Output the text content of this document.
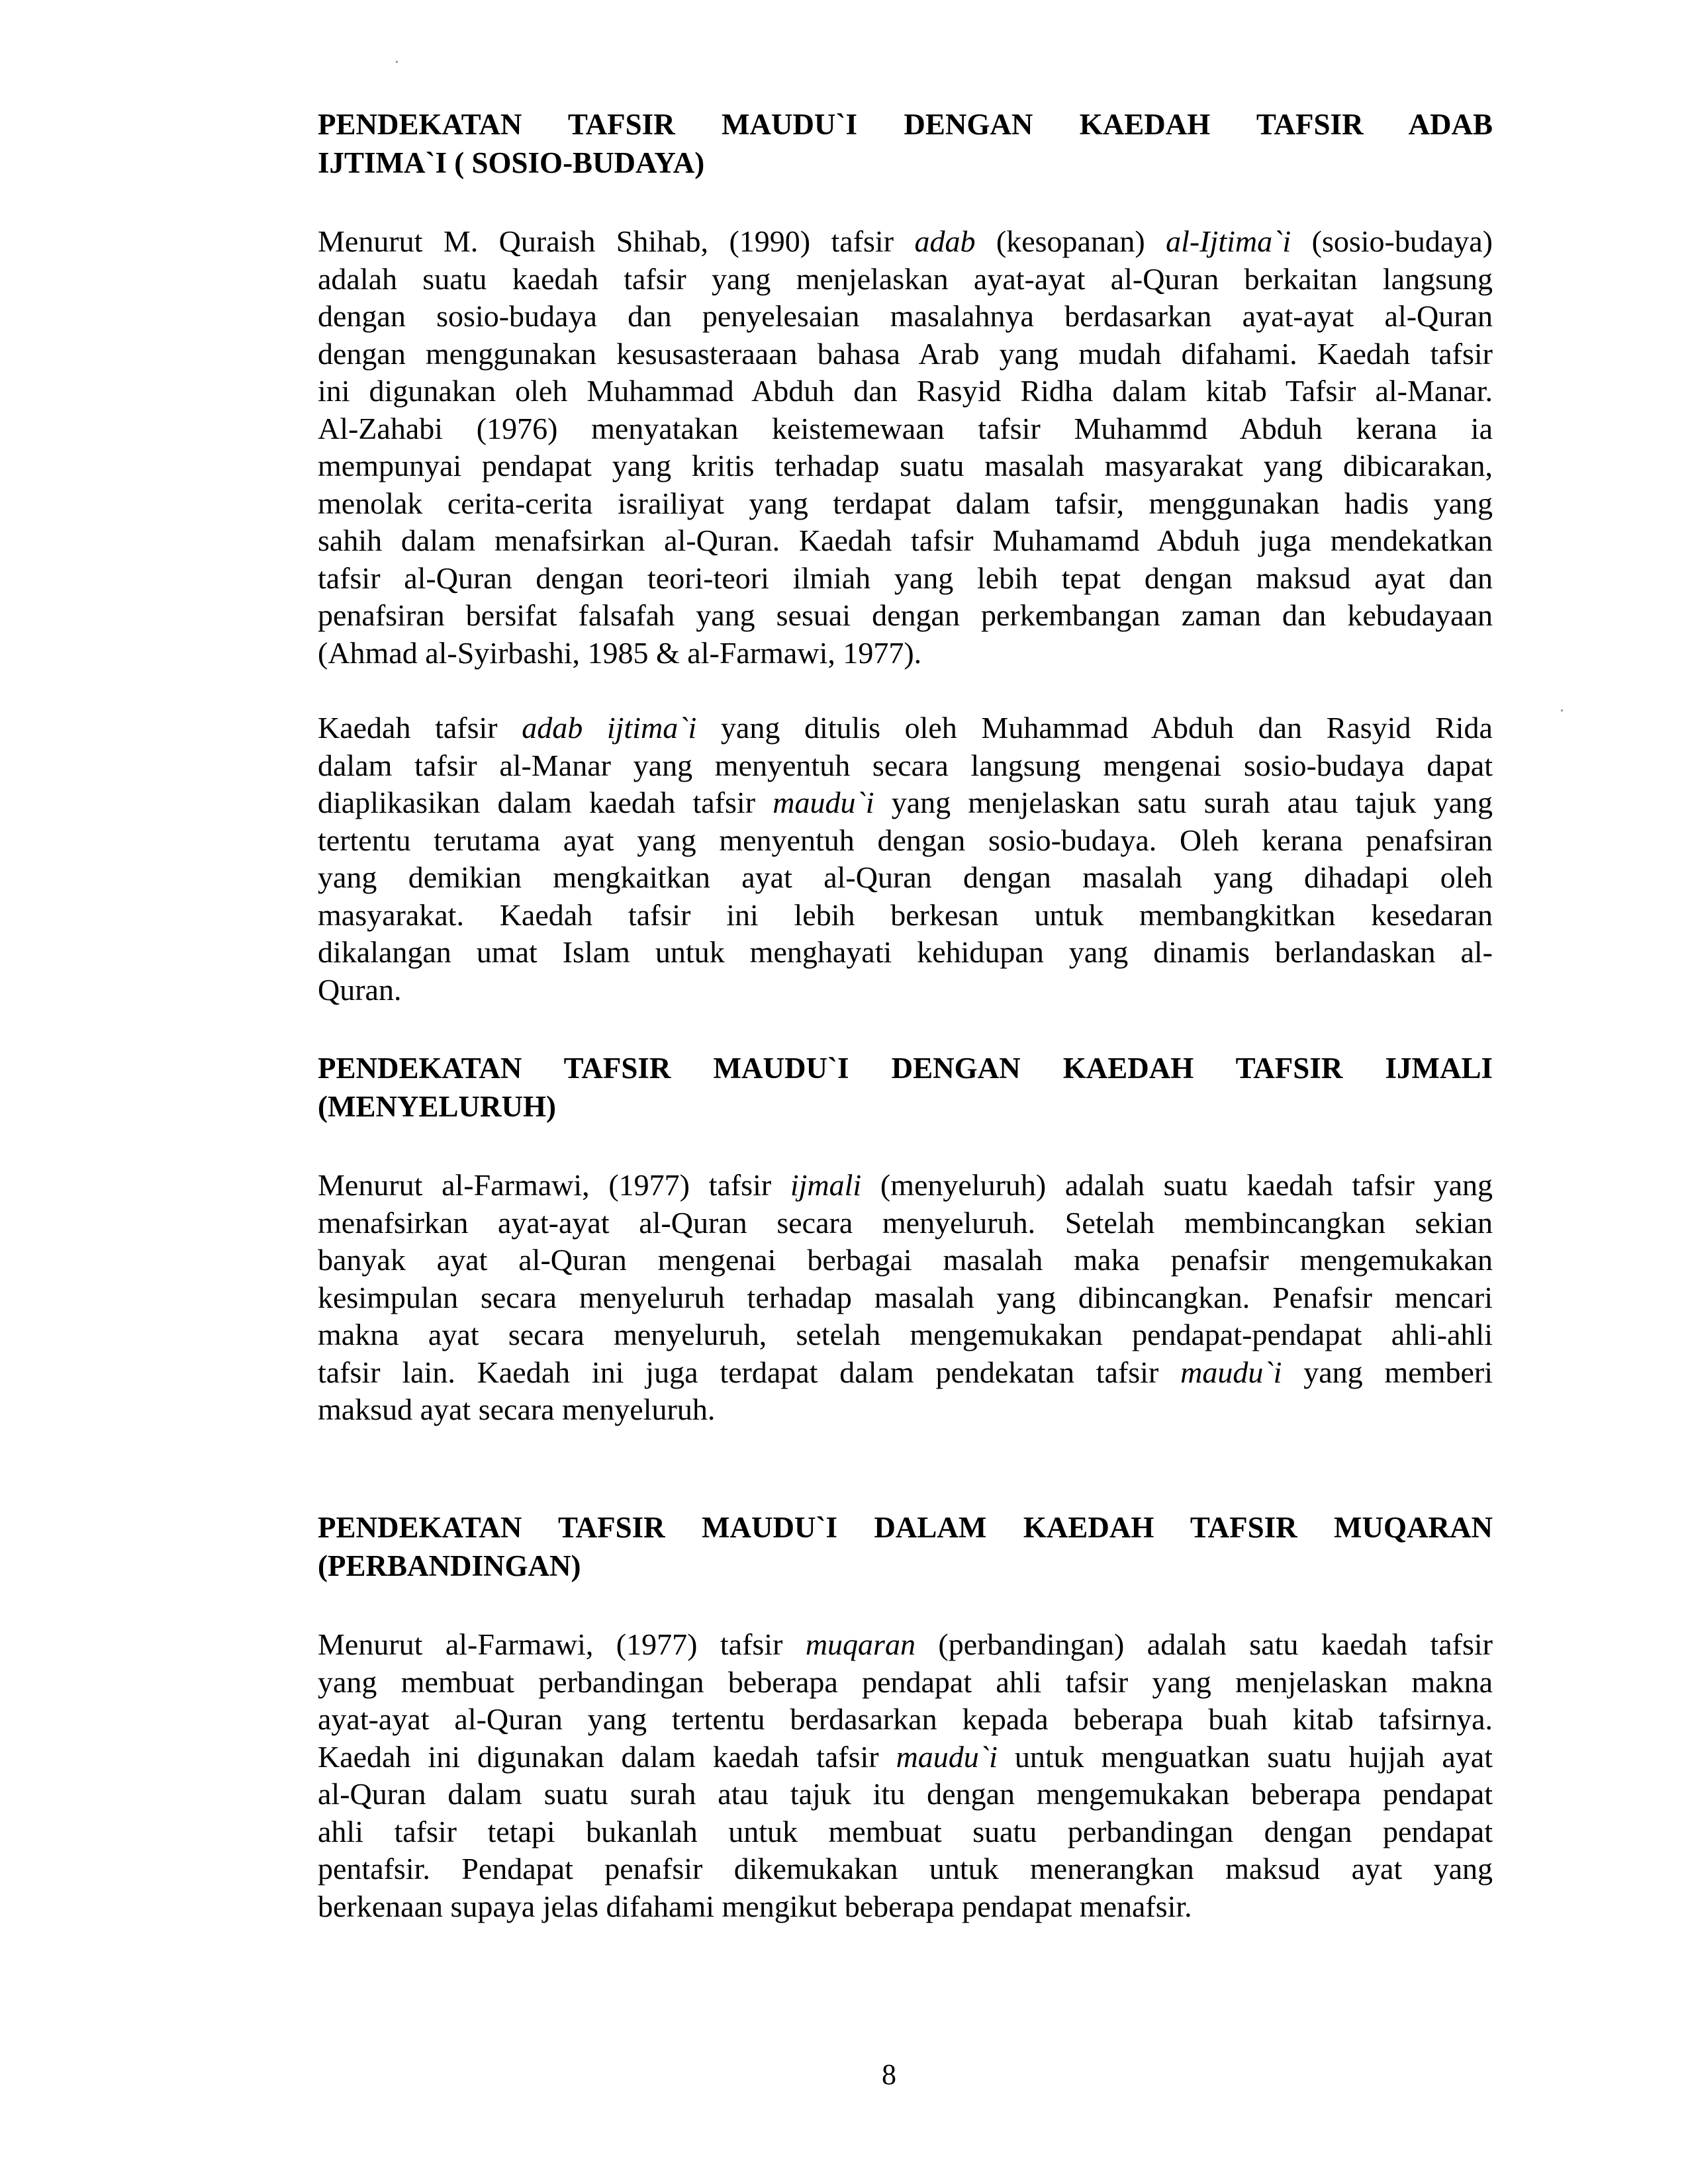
PENDEKATAN TAFSIR MAUDU`I DENGAN KAEDAH TAFSIR ADAB
IJTIMA`I ( SOSIO-BUDAYA)
Menurut M. Quraish Shihab, (1990) tafsir adab (kesopanan) al-Ijtima`i (sosio-budaya)
adalah suatu kaedah tafsir yang menjelaskan ayat-ayat al-Quran berkaitan langsung
dengan sosio-budaya dan penyelesaian masalahnya berdasarkan ayat-ayat al-Quran
dengan menggunakan kesusasteraaan bahasa Arab yang mudah difahami. Kaedah tafsir
ini digunakan oleh Muhammad Abduh dan Rasyid Ridha dalam kitab Tafsir al-Manar.
Al-Zahabi (1976) menyatakan keistemewaan tafsir Muhammd Abduh kerana ia
mempunyai pendapat yang kritis terhadap suatu masalah masyarakat yang dibicarakan,
menolak cerita-cerita israiliyat yang terdapat dalam tafsir, menggunakan hadis yang
sahih dalam menafsirkan al-Quran. Kaedah tafsir Muhamamd Abduh juga mendekatkan
tafsir al-Quran dengan teori-teori ilmiah yang lebih tepat dengan maksud ayat dan
penafsiran bersifat falsafah yang sesuai dengan perkembangan zaman dan kebudayaan
(Ahmad al-Syirbashi, 1985 & al-Farmawi, 1977).
Kaedah tafsir adab ijtima`i yang ditulis oleh Muhammad Abduh dan Rasyid Rida
dalam tafsir al-Manar yang menyentuh secara langsung mengenai sosio-budaya dapat
diaplikasikan dalam kaedah tafsir maudu`i yang menjelaskan satu surah atau tajuk yang
tertentu terutama ayat yang menyentuh dengan sosio-budaya. Oleh kerana penafsiran
yang demikian mengkaitkan ayat al-Quran dengan masalah yang dihadapi oleh
masyarakat. Kaedah tafsir ini lebih berkesan untuk membangkitkan kesedaran
dikalangan umat Islam untuk menghayati kehidupan yang dinamis berlandaskan al-
Quran.
PENDEKATAN TAFSIR MAUDU`I DENGAN KAEDAH TAFSIR IJMALI
(MENYELURUH)
Menurut al-Farmawi, (1977) tafsir ijmali (menyeluruh) adalah suatu kaedah tafsir yang
menafsirkan ayat-ayat al-Quran secara menyeluruh. Setelah membincangkan sekian
banyak ayat al-Quran mengenai berbagai masalah maka penafsir mengemukakan
kesimpulan secara menyeluruh terhadap masalah yang dibincangkan. Penafsir mencari
makna ayat secara menyeluruh, setelah mengemukakan pendapat-pendapat ahli-ahli
tafsir lain. Kaedah ini juga terdapat dalam pendekatan tafsir maudu`i yang memberi
maksud ayat secara menyeluruh.
PENDEKATAN TAFSIR MAUDU`I DALAM KAEDAH TAFSIR MUQARAN
(PERBANDINGAN)
Menurut al-Farmawi, (1977) tafsir muqaran (perbandingan) adalah satu kaedah tafsir
yang membuat perbandingan beberapa pendapat ahli tafsir yang menjelaskan makna
ayat-ayat al-Quran yang tertentu berdasarkan kepada beberapa buah kitab tafsirnya.
Kaedah ini digunakan dalam kaedah tafsir maudu`i untuk menguatkan suatu hujjah ayat
al-Quran dalam suatu surah atau tajuk itu dengan mengemukakan beberapa pendapat
ahli tafsir tetapi bukanlah untuk membuat suatu perbandingan dengan pendapat
pentafsir. Pendapat penafsir dikemukakan untuk menerangkan maksud ayat yang
berkenaan supaya jelas difahami mengikut beberapa pendapat menafsir.
8
